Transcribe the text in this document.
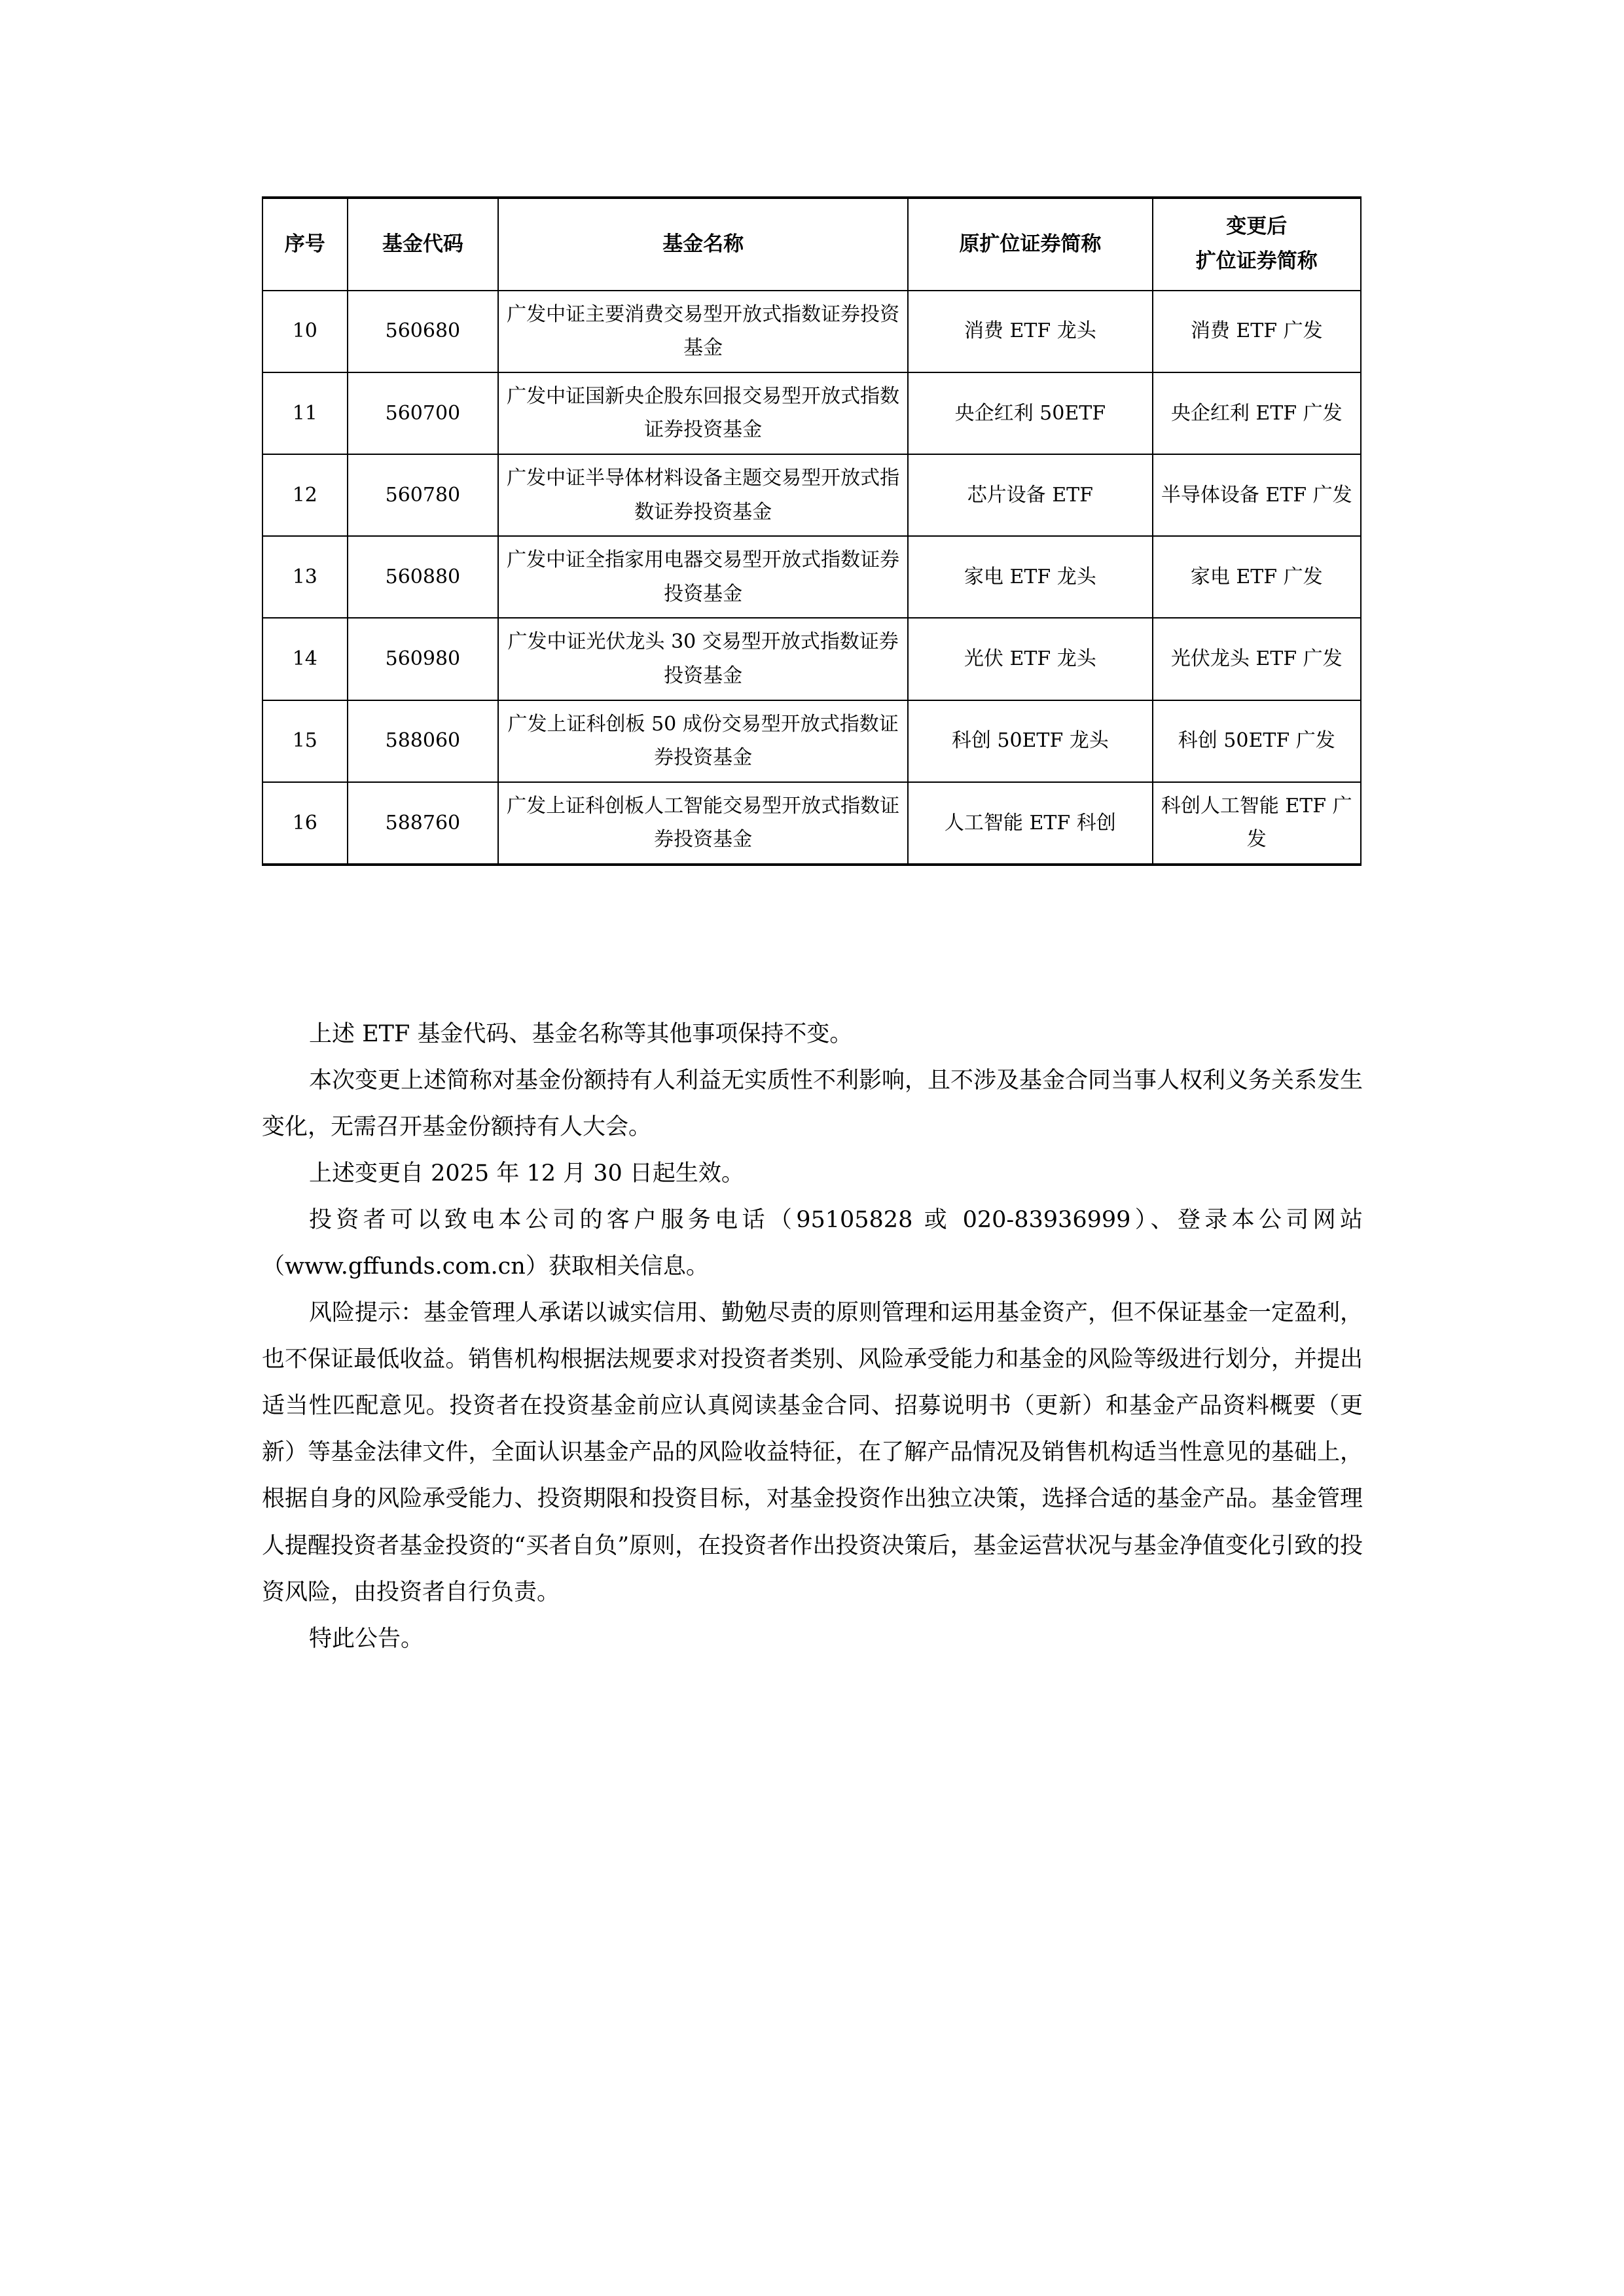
序号	基金代码	基金名称	原扩位证券简称	变更后
扩位证券简称

10	560680	广发中证主要消费交易型开放式指数证券投资基金	消费 ETF 龙头	消费 ETF 广发
11	560700	广发中证国新央企股东回报交易型开放式指数证券投资基金	央企红利 50ETF	央企红利 ETF 广发
12	560780	广发中证半导体材料设备主题交易型开放式指数证券投资基金	芯片设备 ETF	半导体设备 ETF 广发
13	560880	广发中证全指家用电器交易型开放式指数证券投资基金	家电 ETF 龙头	家电 ETF 广发
14	560980	广发中证光伏龙头 30 交易型开放式指数证券投资基金	光伏 ETF 龙头	光伏龙头 ETF 广发
15	588060	广发上证科创板 50 成份交易型开放式指数证券投资基金	科创 50ETF 龙头	科创 50ETF 广发
16	588760	广发上证科创板人工智能交易型开放式指数证券投资基金	人工智能 ETF 科创	科创人工智能 ETF 广发

上述 ETF 基金代码、基金名称等其他事项保持不变。

本次变更上述简称对基金份额持有人利益无实质性不利影响，且不涉及基金合同当事人权利义务关系发生变化，无需召开基金份额持有人大会。

上述变更自 2025 年 12 月 30 日起生效。

投资者可以致电本公司的客户服务电话（95105828 或 020-83936999）、登录本公司网站（www.gffunds.com.cn）获取相关信息。

风险提示：基金管理人承诺以诚实信用、勤勉尽责的原则管理和运用基金资产，但不保证基金一定盈利，也不保证最低收益。销售机构根据法规要求对投资者类别、风险承受能力和基金的风险等级进行划分，并提出适当性匹配意见。投资者在投资基金前应认真阅读基金合同、招募说明书（更新）和基金产品资料概要（更新）等基金法律文件，全面认识基金产品的风险收益特征，在了解产品情况及销售机构适当性意见的基础上，根据自身的风险承受能力、投资期限和投资目标，对基金投资作出独立决策，选择合适的基金产品。基金管理人提醒投资者基金投资的“买者自负”原则，在投资者作出投资决策后，基金运营状况与基金净值变化引致的投资风险，由投资者自行负责。

特此公告。
